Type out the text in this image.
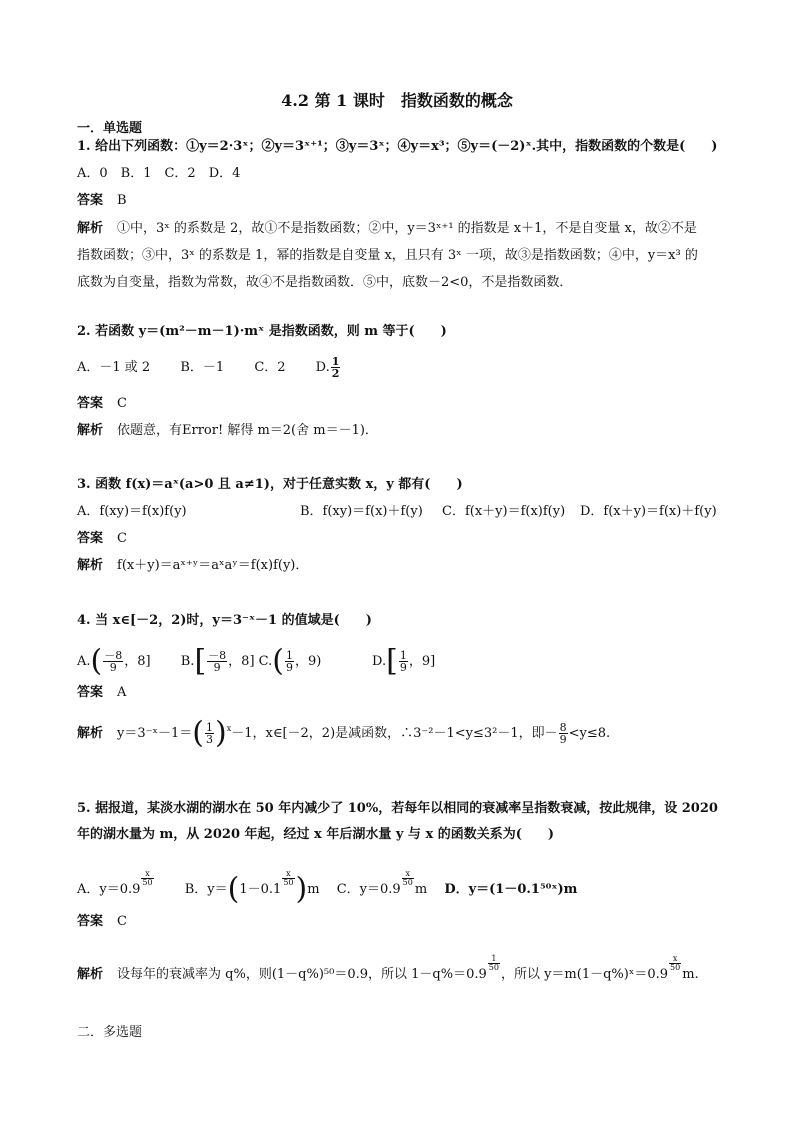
4.2 第 1 课时　指数函数的概念
一．单选题
1. 给出下列函数：①y＝2·3ˣ；②y＝3ˣ⁺¹；③y＝3ˣ；④y＝x³；⑤y＝(－2)ˣ.其中，指数函数的个数是(　　)
A．0　B．1　C．2　D．4
答案 B
解析 ①中，3ˣ 的系数是 2，故①不是指数函数；②中，y＝3ˣ⁺¹ 的指数是 x＋1，不是自变量 x，故②不是
指数函数；③中，3ˣ 的系数是 1，幂的指数是自变量 x，且只有 3ˣ 一项，故③是指数函数；④中，y＝x³ 的
底数为自变量，指数为常数，故④不是指数函数．⑤中，底数－2<0，不是指数函数．
2. 若函数 y＝(m²－m－1)·mˣ 是指数函数，则 m 等于(　　)
A．－1 或 2　　 B．－1　　 C．2　　 D. $\frac{1}{2}$
答案 C
解析 依题意，有Error! 解得 m＝2(舍 m＝－1)．
3. 函数 f(x)＝aˣ(a>0 且 a≠1)，对于任意实数 x，y 都有(　　)
A．f(xy)＝f(x)f(y)	B．f(xy)＝f(x)＋f(y) C．f(x＋y)＝f(x)f(y) D．f(x＋y)＝f(x)＋f(y)
答案 C
解析 f(x＋y)＝aˣ⁺ʸ＝aˣaʸ＝f(x)f(y)．
4. 当 x∈[－2，2)时，y＝3⁻ˣ－1 的值域是(　　)
$A.( \frac{-8}{9}$ ，8] 　　 $B.[ \frac{-8}{9}$ ，8] $C.( \frac{1}{9}$ ，9)	$D.[ \frac{1}{9}$ ，9]
答案 A
解析 y＝3⁻ˣ－1＝( $\frac{1}{3} )^x-1$，x∈[－2，2)是减函数，∴3⁻²－1<y≤3²－1，即－ $\frac{8}{9} <y\le 8$.
5. 据报道，某淡水湖的湖水在 50 年内减少了 10%，若每年以相同的衰减率呈指数衰减，按此规律，设 2020
年的湖水量为 m，从 2020 年起，经过 x 年后湖水量 y 与 x 的函数关系为(　　)
A．y＝0.9
$^{\frac{x}{50}}$
　　B．y＝(1－0.1
$^{\frac{x}{50}}$ )m 　 C．y＝0.9
$^{\frac{x}{50}}$
m 　 D．y＝(1－0.1⁵⁰ˣ)m
答案 C
解析 设每年的衰减率为 q%，则(1－q%)⁵⁰＝0.9，所以 1－q%＝0.9
$^{\frac{1}{50}}$
，所以 y＝m(1－q%)ˣ＝0.9
$^{\frac{x}{50}}$
m.
二．多选题
